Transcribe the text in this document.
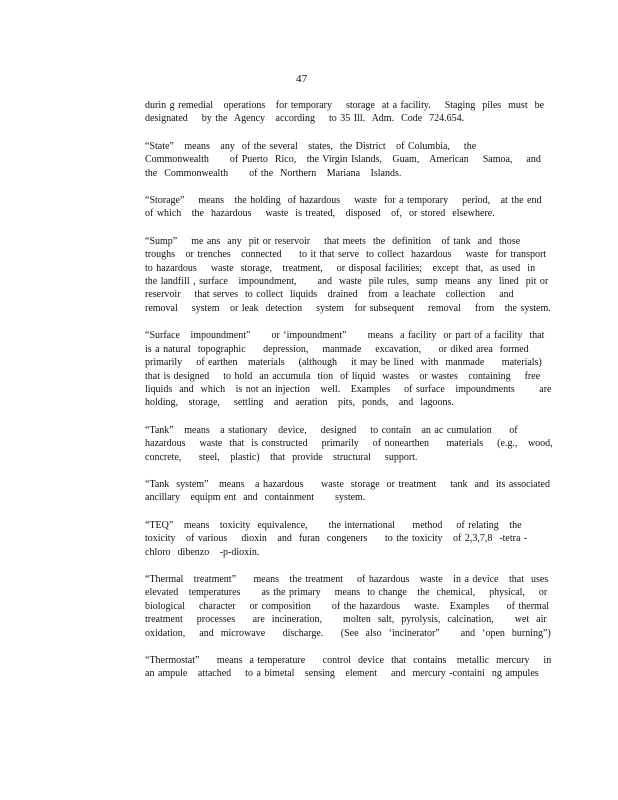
47
durin g remedial   operations   for temporary    storage  at a facility.    Staging  piles  must  be
designated    by the  Agency   according    to 35 Ill.  Adm.  Code  724.654.
“State”   means   any  of the several   states,  the District   of Columbia,    the
Commonwealth      of Puerto  Rico,   the Virgin Islands,   Guam,   American    Samoa,    and
the  Commonwealth      of the  Northern   Mariana   Islands.
“Storage”    means   the holding  of hazardous    waste  for a temporary    period,   at the end
of which   the  hazardous    waste  is treated,   disposed   of,  or stored  elsewhere.
“Sump”    me ans  any  pit or reservoir    that meets  the  definition   of tank  and  those
troughs   or trenches   connected     to it that serve  to collect  hazardous    waste  for transport
to hazardous    waste  storage,   treatment,    or disposal facilities;   except  that,  as used  in
the landfill , surface   impoundment,      and  waste  pile rules,  sump  means  any  lined  pit or
reservoir    that serves  to collect  liquids   drained   from  a leachate   collection    and
removal    system   or leak  detection    system   for subsequent    removal    from   the system.
“Surface   impoundment”      or ‘impoundment”      means  a facility  or part of a facility  that
is a natural  topographic     depression,    manmade    excavation,     or diked area  formed
primarily    of earthen   materials    (although    it may be lined  with  manmade     materials)
that is designed    to hold  an accumula  tion  of liquid  wastes   or wastes   containing    free
liquids  and  which   is not an injection   well.   Examples    of surface   impoundments       are
holding,   storage,    settling   and  aeration   pits,  ponds,   and  lagoons.
“Tank”   means   a stationary   device,    designed    to contain   an ac cumulation     of
hazardous    waste  that  is constructed    primarily    of nonearthen     materials    (e.g.,   wood,
concrete,     steel,   plastic)   that  provide   structural    support.
“Tank  system”   means   a hazardous     waste  storage  or treatment    tank  and  its associated
ancillary   equipm ent  and  containment      system.
“TEQ”   means   toxicity  equivalence,      the international     method    of relating   the
toxicity   of various    dioxin   and  furan  congeners     to the toxicity   of 2,3,7,8  -tetra -
chloro  dibenzo   -p-dioxin.
“Thermal   treatment”     means   the treatment    of hazardous   waste   in a device   that  uses
elevated   temperatures      as the primary    means  to change   the  chemical,    physical,    or
biological    character    or composition      of the hazardous    waste.   Examples     of thermal
treatment    processes     are  incineration,      molten  salt,  pyrolysis,  calcination,      wet  air
oxidation,    and  microwave     discharge.     (See  also  ‘incinerator”      and  ‘open  burning”)
“Thermostat”     means  a temperature     control  device  that  contains   metallic  mercury    in
an ampule   attached    to a bimetal   sensing   element    and  mercury -containi  ng ampules
